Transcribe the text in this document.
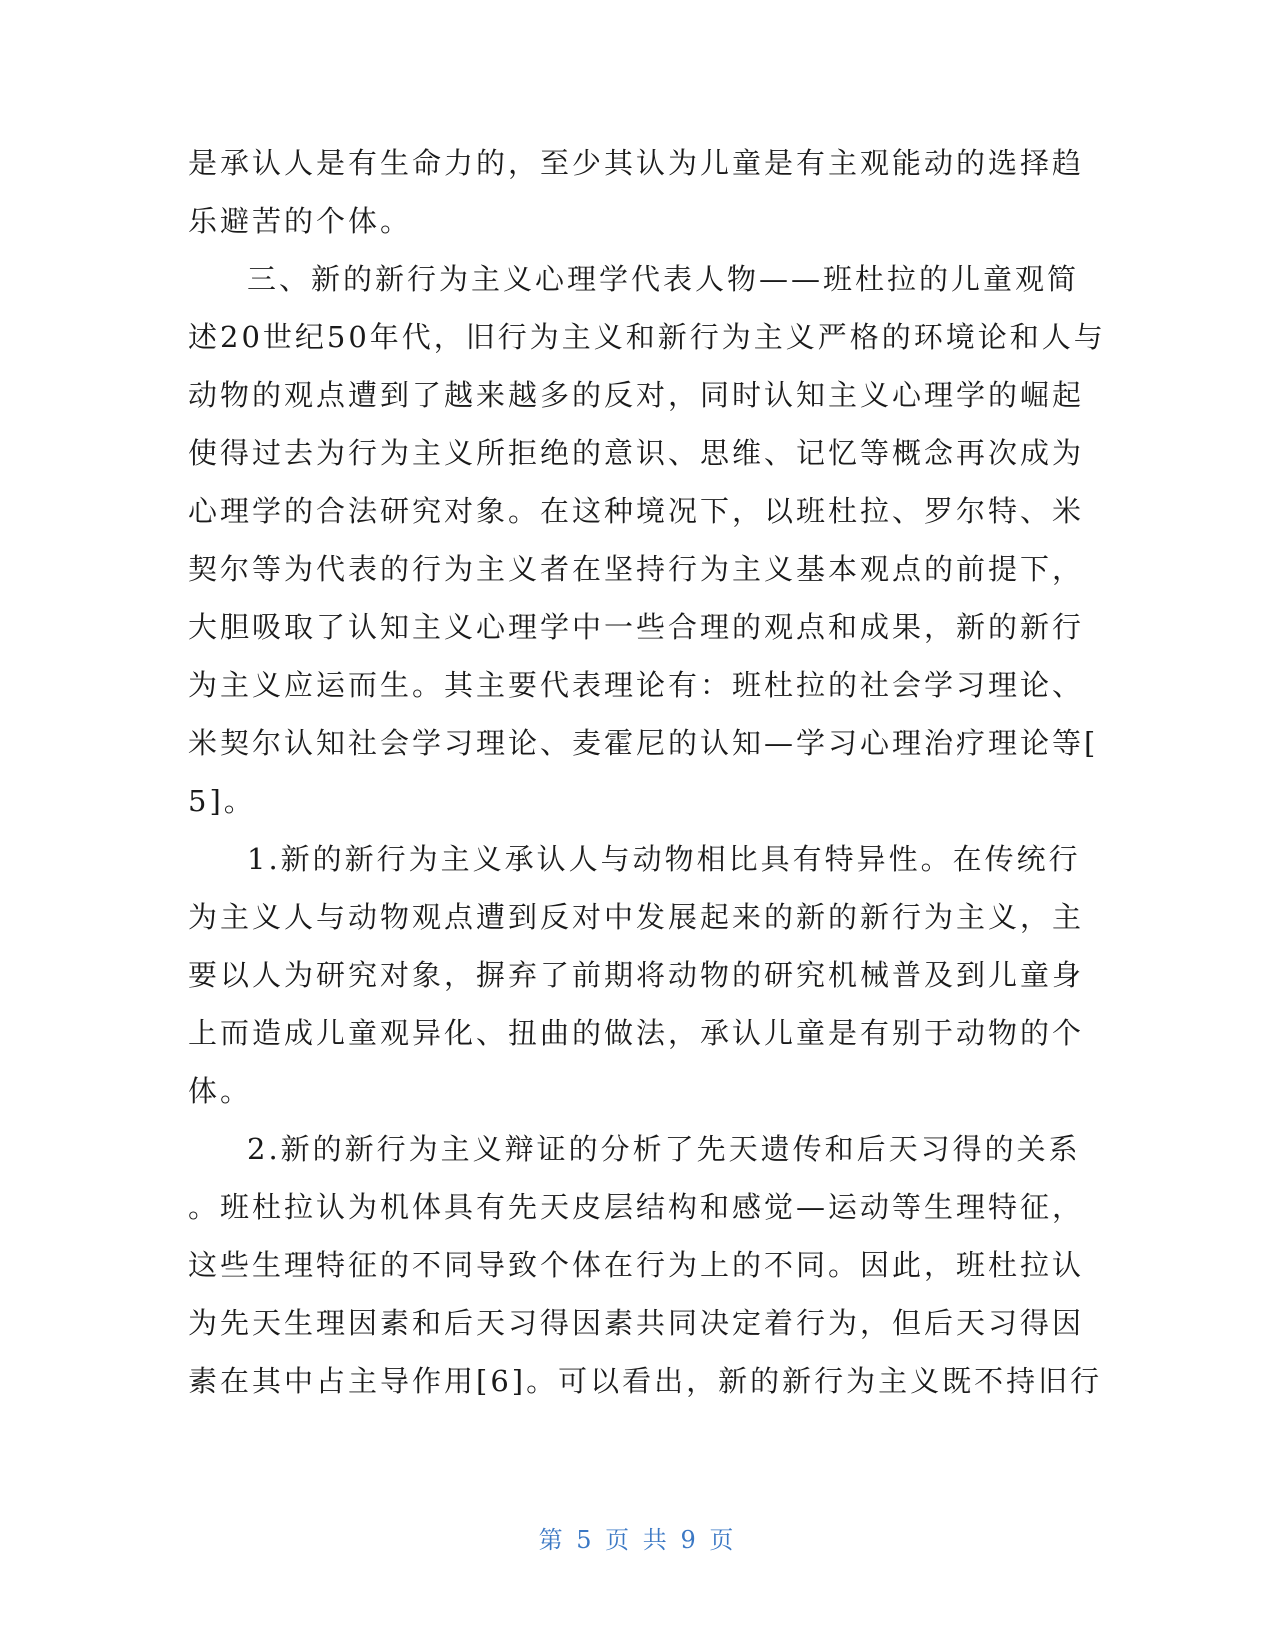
是承认人是有生命力的，至少其认为儿童是有主观能动的选择趋
乐避苦的个体。
三、新的新行为主义心理学代表人物——班杜拉的儿童观简
述20世纪50年代，旧行为主义和新行为主义严格的环境论和人与
动物的观点遭到了越来越多的反对，同时认知主义心理学的崛起
使得过去为行为主义所拒绝的意识、思维、记忆等概念再次成为
心理学的合法研究对象。在这种境况下，以班杜拉、罗尔特、米
契尔等为代表的行为主义者在坚持行为主义基本观点的前提下，
大胆吸取了认知主义心理学中一些合理的观点和成果，新的新行
为主义应运而生。其主要代表理论有：班杜拉的社会学习理论、
米契尔认知社会学习理论、麦霍尼的认知—学习心理治疗理论等[
5]。
1.新的新行为主义承认人与动物相比具有特异性。在传统行
为主义人与动物观点遭到反对中发展起来的新的新行为主义，主
要以人为研究对象，摒弃了前期将动物的研究机械普及到儿童身
上而造成儿童观异化、扭曲的做法，承认儿童是有别于动物的个
体。
2.新的新行为主义辩证的分析了先天遗传和后天习得的关系
。班杜拉认为机体具有先天皮层结构和感觉—运动等生理特征，
这些生理特征的不同导致个体在行为上的不同。因此，班杜拉认
为先天生理因素和后天习得因素共同决定着行为，但后天习得因
素在其中占主导作用[6]。可以看出，新的新行为主义既不持旧行
第 5 页 共 9 页
